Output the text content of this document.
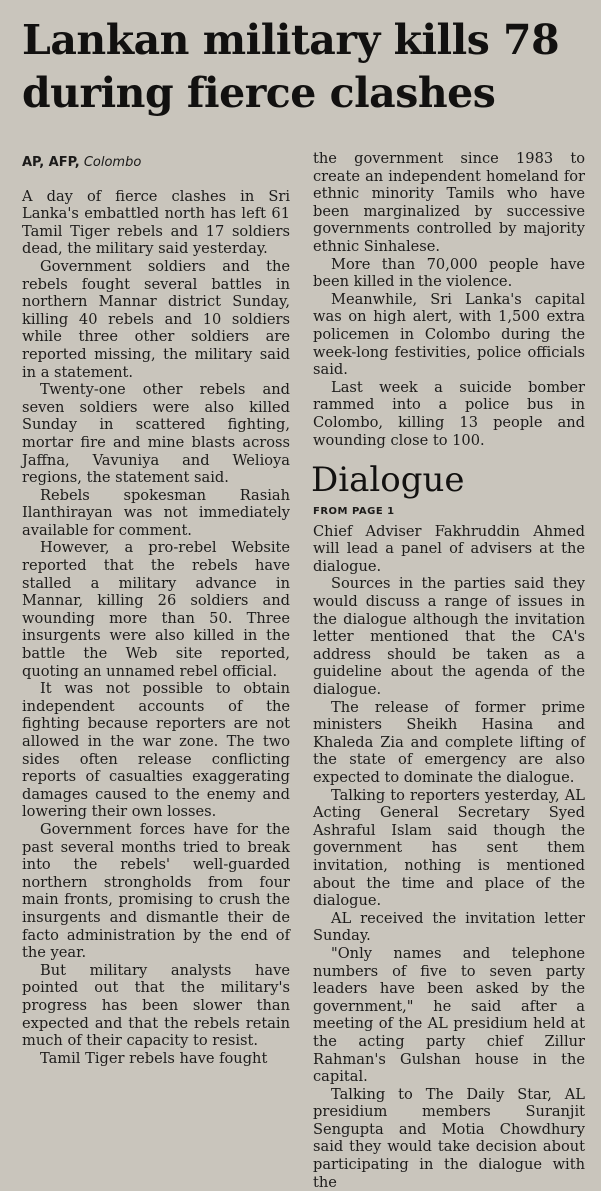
Lankan military kills 78 during fierce clashes
AP, AFP, Colombo

A day of fierce clashes in Sri Lanka's embattled north has left 61 Tamil Tiger rebels and 17 soldiers dead, the military said yesterday.

Government soldiers and the rebels fought several battles in northern Mannar district Sunday, killing 40 rebels and 10 soldiers while three other soldiers are reported missing, the military said in a statement.

Twenty-one other rebels and seven soldiers were also killed Sunday in scattered fighting, mortar fire and mine blasts across Jaffna, Vavuniya and Welioya regions, the statement said.

Rebels spokesman Rasiah Ilanthirayan was not immediately available for comment.

However, a pro-rebel Website reported that the rebels have stalled a military advance in Mannar, killing 26 soldiers and wounding more than 50. Three insurgents were also killed in the battle the Web site reported, quoting an unnamed rebel official.

It was not possible to obtain independent accounts of the fighting because reporters are not allowed in the war zone. The two sides often release conflicting reports of casualties exaggerating damages caused to the enemy and lowering their own losses.

Government forces have for the past several months tried to break into the rebels' well-guarded northern strongholds from four main fronts, promising to crush the insurgents and dismantle their de facto administration by the end of the year.

But military analysts have pointed out that the military's progress has been slower than expected and that the rebels retain much of their capacity to resist.

Tamil Tiger rebels have fought

the government since 1983 to create an independent homeland for ethnic minority Tamils who have been marginalized by successive governments controlled by majority ethnic Sinhalese.

More than 70,000 people have been killed in the violence.

Meanwhile, Sri Lanka's capital was on high alert, with 1,500 extra policemen in Colombo during the week-long festivities, police officials said.

Last week a suicide bomber rammed into a police bus in Colombo, killing 13 people and wounding close to 100.

Dialogue
FROM PAGE 1

Chief Adviser Fakhruddin Ahmed will lead a panel of advisers at the dialogue.

Sources in the parties said they would discuss a range of issues in the dialogue although the invitation letter mentioned that the CA's address should be taken as a guideline about the agenda of the dialogue.

The release of former prime ministers Sheikh Hasina and Khaleda Zia and complete lifting of the state of emergency are also expected to dominate the dialogue.

Talking to reporters yesterday, AL Acting General Secretary Syed Ashraful Islam said though the government has sent them invitation, nothing is mentioned about the time and place of the dialogue.

AL received the invitation letter Sunday.

"Only names and telephone numbers of five to seven party leaders have been asked by the government," he said after a meeting of the AL presidium held at the acting party chief Zillur Rahman's Gulshan house in the capital.

Talking to The Daily Star, AL presidium members Suranjit Sengupta and Motia Chowdhury said they would take decision about participating in the dialogue with the
